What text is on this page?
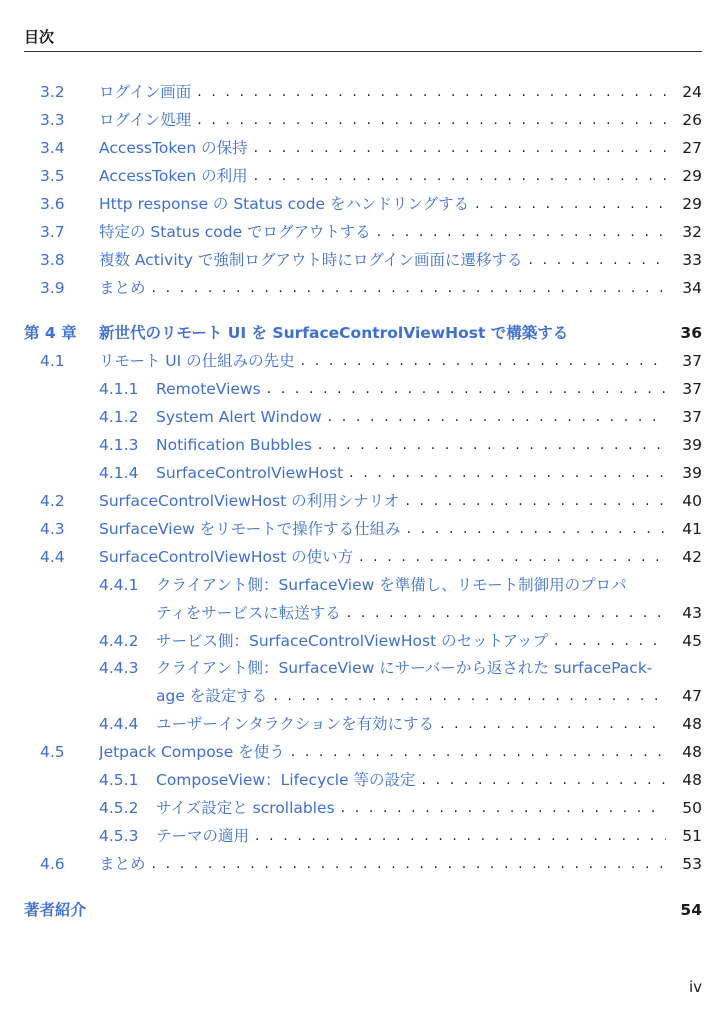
目次
3.2 ログイン画面 . . .	24
3.3 ログイン処理 . . .	26
3.4 AccessToken の保持 . . .	27
3.5 AccessToken の利用 . . .	29
3.6 Http response の Status code をハンドリングする . . .	29
3.7 特定の Status code でログアウトする . . .	32
3.8 複数 Activity で強制ログアウト時にログイン画面に遷移する . . .	33
3.9 まとめ . . .	34
第 4 章 新世代のリモート UI を SurfaceControlViewHost で構築する	36
4.1 リモート UI の仕組みの先史 . . .	37
4.1.1 RemoteViews . . .	37
4.1.2 System Alert Window . . .	37
4.1.3 Notification Bubbles . . .	39
4.1.4 SurfaceControlViewHost . . .	39
4.2 SurfaceControlViewHost の利用シナリオ . . .	40
4.3 SurfaceView をリモートで操作する仕組み . . .	41
4.4 SurfaceControlViewHost の使い方 . . .	42
4.4.1 クライアント側：SurfaceView を準備し、リモート制御用のプロパ
ティをサービスに転送する . . .	43
4.4.2 サービス側：SurfaceControlViewHost のセットアップ . . .	45
4.4.3 クライアント側：SurfaceView にサーバーから返された surfacePack-
age を設定する . . .	47
4.4.4 ユーザーインタラクションを有効にする . . .	48
4.5 Jetpack Compose を使う . . .	48
4.5.1 ComposeView：Lifecycle 等の設定 . . .	48
4.5.2 サイズ設定と scrollables . . .	50
4.5.3 テーマの適用 . . .	51
4.6 まとめ . . .	53
著者紹介	54
iv
